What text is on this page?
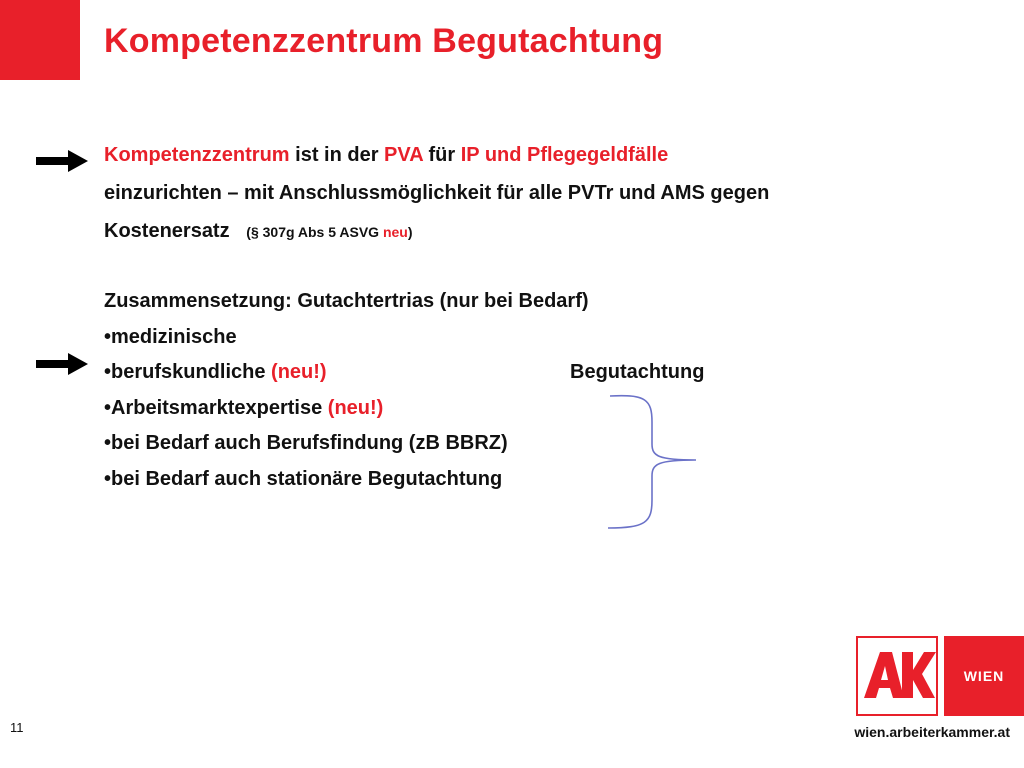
Kompetenzzentrum Begutachtung
Kompetenzzentrum ist in der PVA für IP und Pflegegeldfälle
einzurichten – mit Anschlussmöglichkeit für alle PVTr und AMS gegen
Kostenersatz (§ 307g Abs 5 ASVG neu)
Zusammensetzung: Gutachtertrias (nur bei Bedarf)
•medizinische
•berufskundliche (neu!)	Begutachtung
•Arbeitsmarktexpertise (neu!)
•bei Bedarf auch Berufsfindung (zB BBRZ)
•bei Bedarf auch stationäre Begutachtung
11
WIEN
wien.arbeiterkammer.at
